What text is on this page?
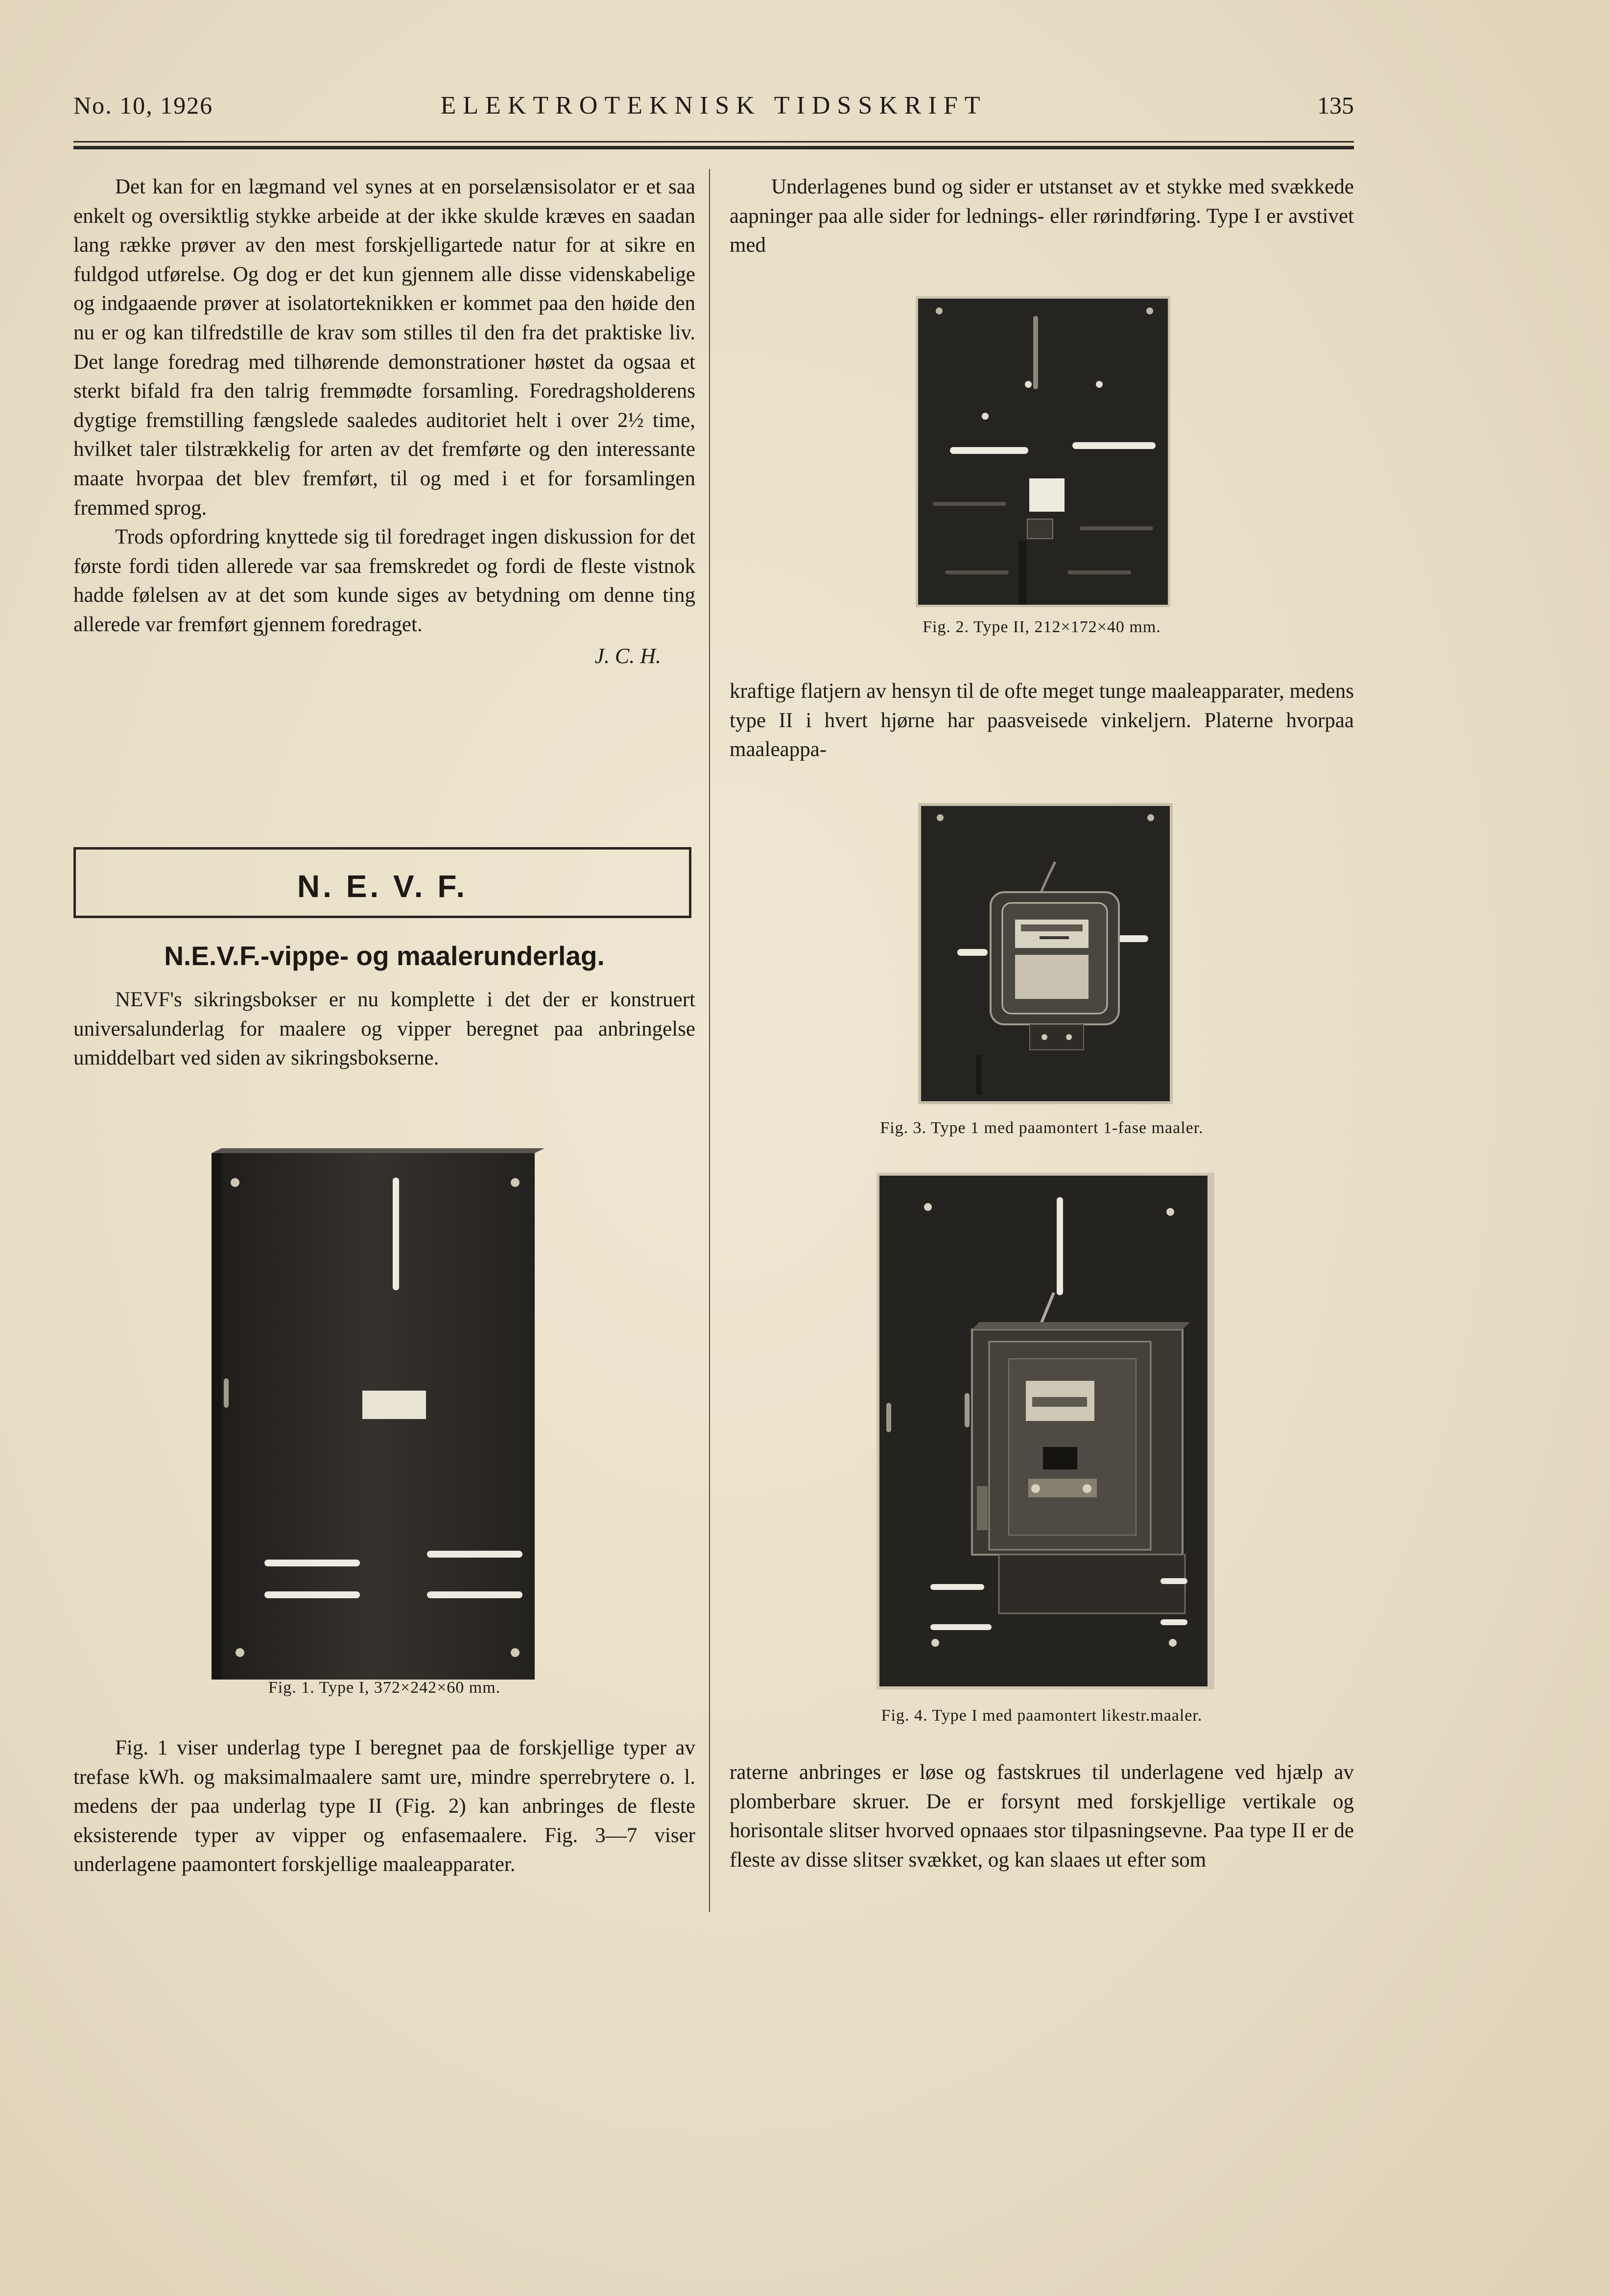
No. 10, 1926	ELEKTROTEKNISK TIDSSKRIFT	135

Det kan for en lægmand vel synes at en porselænsisolator er et saa enkelt og oversiktlig stykke arbeide at der ikke skulde kræves en saadan lang række prøver av den mest forskjelligartede natur for at sikre en fuldgod utførelse. Og dog er det kun gjennem alle disse videnskabelige og indgaaende prøver at isolatorteknikken er kommet paa den høide den nu er og kan tilfredstille de krav som stilles til den fra det praktiske liv. Det lange foredrag med tilhørende demonstrationer høstet da ogsaa et sterkt bifald fra den talrig fremmødte forsamling. Foredragsholderens dygtige fremstilling fængslede saaledes auditoriet helt i over 2½ time, hvilket taler tilstrækkelig for arten av det fremførte og den interessante maate hvorpaa det blev fremført, til og med i et for forsamlingen fremmed sprog.

Trods opfordring knyttede sig til foredraget ingen diskussion for det første fordi tiden allerede var saa fremskredet og fordi de fleste vistnok hadde følelsen av at det som kunde siges av betydning om denne ting allerede var fremført gjennem foredraget.

J. C. H.
N. E. V. F.
N.E.V.F.-vippe- og maalerunderlag.

NEVF's sikringsbokser er nu komplette i det der er konstruert universalunderlag for maalere og vipper beregnet paa anbringelse umiddelbart ved siden av sikringsbokserne.

Fig. 1. Type I, 372×242×60 mm.

Fig. 1 viser underlag type I beregnet paa de forskjellige typer av trefase kWh. og maksimalmaalere samt ure, mindre sperrebrytere o. l. medens der paa underlag type II (Fig. 2) kan anbringes de fleste eksisterende typer av vipper og enfasemaalere. Fig. 3—7 viser underlagene paamontert forskjellige maaleapparater.

Underlagenes bund og sider er utstanset av et stykke med svækkede aapninger paa alle sider for lednings- eller rørindføring. Type I er avstivet med

Fig. 2. Type II, 212×172×40 mm.

kraftige flatjern av hensyn til de ofte meget tunge maaleapparater, medens type II i hvert hjørne har paasveisede vinkeljern. Platerne hvorpaa maaleappa-

Fig. 3. Type 1 med paamontert 1-fase maaler.
Fig. 4. Type I med paamontert likestr.maaler.

raterne anbringes er løse og fastskrues til underlagene ved hjælp av plomberbare skruer. De er forsynt med forskjellige vertikale og horisontale slitser hvorved opnaaes stor tilpasningsevne. Paa type II er de fleste av disse slitser svækket, og kan slaaes ut efter som
